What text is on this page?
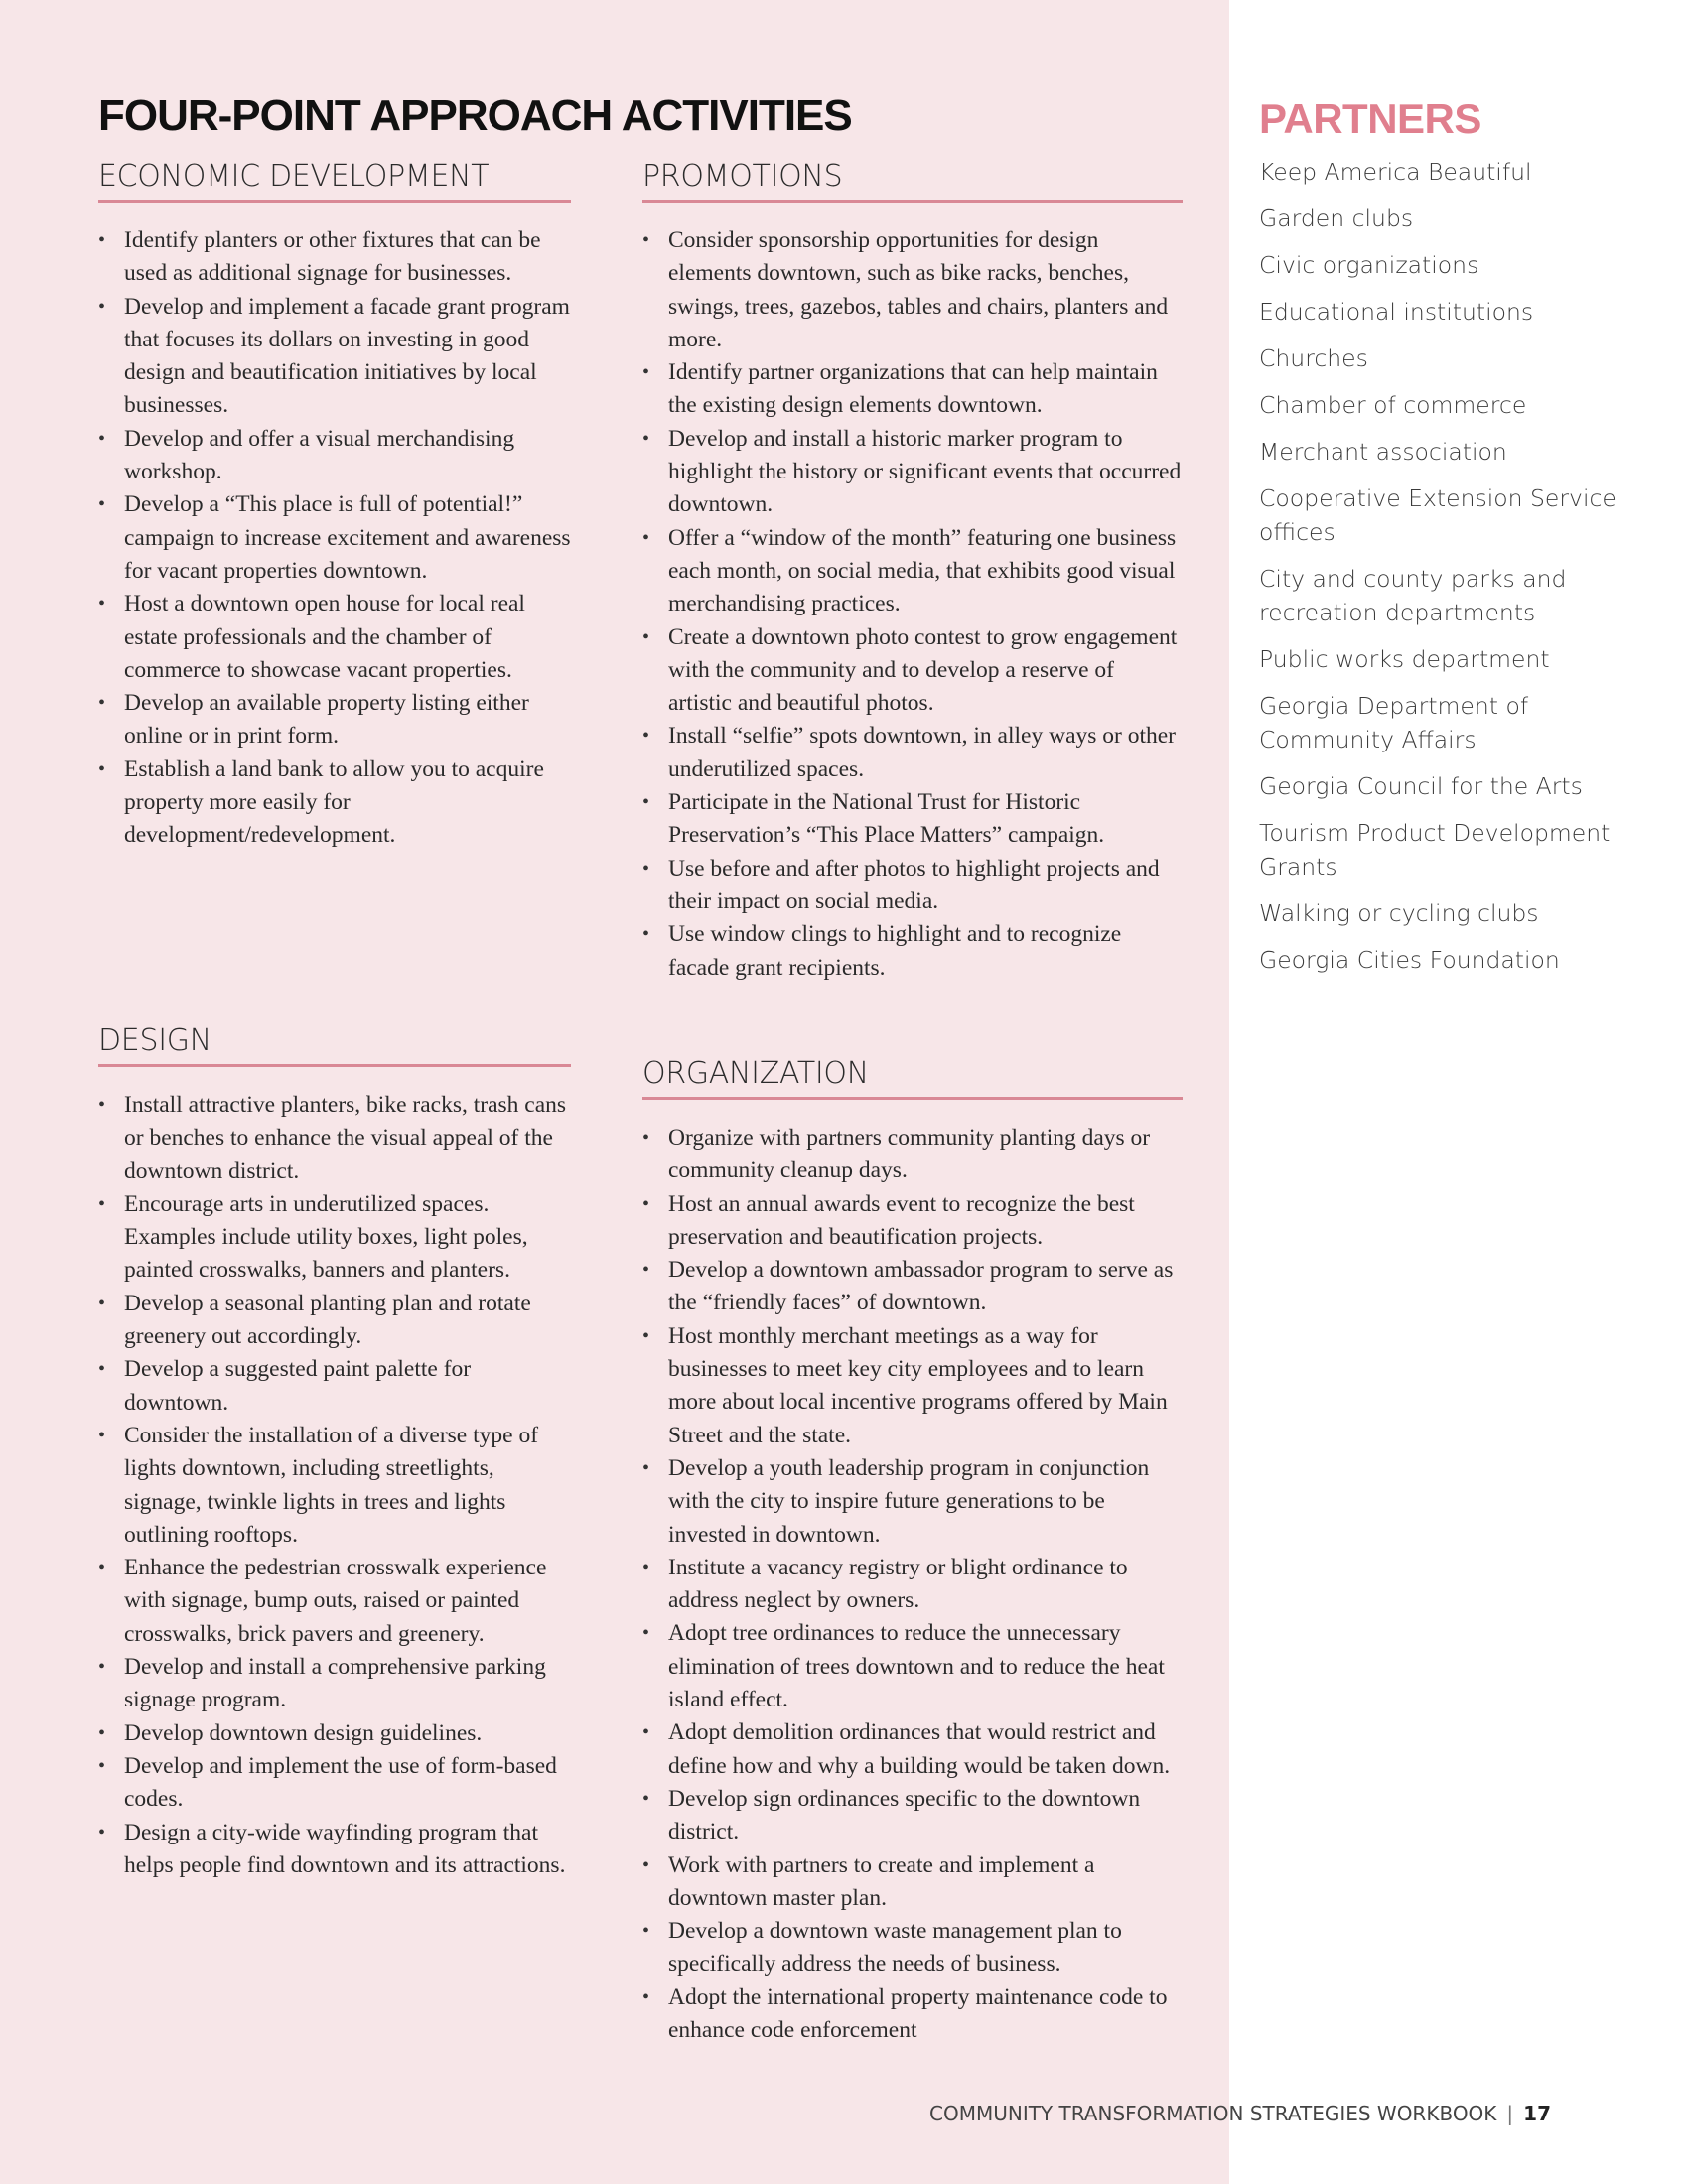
FOUR-POINT APPROACH ACTIVITIES
ECONOMIC DEVELOPMENT
• Identify planters or other fixtures that can be used as additional signage for businesses.
• Develop and implement a facade grant program that focuses its dollars on investing in good design and beautification initiatives by local businesses.
• Develop and offer a visual merchandising workshop.
• Develop a “This place is full of potential!” campaign to increase excitement and awareness for vacant properties downtown.
• Host a downtown open house for local real estate professionals and the chamber of commerce to showcase vacant properties.
• Develop an available property listing either online or in print form.
• Establish a land bank to allow you to acquire property more easily for development/redevelopment.
DESIGN
• Install attractive planters, bike racks, trash cans or benches to enhance the visual appeal of the downtown district.
• Encourage arts in underutilized spaces. Examples include utility boxes, light poles, painted crosswalks, banners and planters.
• Develop a seasonal planting plan and rotate greenery out accordingly.
• Develop a suggested paint palette for downtown.
• Consider the installation of a diverse type of lights downtown, including streetlights, signage, twinkle lights in trees and lights outlining rooftops.
• Enhance the pedestrian crosswalk experience with signage, bump outs, raised or painted crosswalks, brick pavers and greenery.
• Develop and install a comprehensive parking signage program.
• Develop downtown design guidelines.
• Develop and implement the use of form-based codes.
• Design a city-wide wayfinding program that helps people find downtown and its attractions.
PROMOTIONS
• Consider sponsorship opportunities for design elements downtown, such as bike racks, benches, swings, trees, gazebos, tables and chairs, planters and more.
• Identify partner organizations that can help maintain the existing design elements downtown.
• Develop and install a historic marker program to highlight the history or significant events that occurred downtown.
• Offer a “window of the month” featuring one business each month, on social media, that exhibits good visual merchandising practices.
• Create a downtown photo contest to grow engagement with the community and to develop a reserve of artistic and beautiful photos.
• Install “selfie” spots downtown, in alley ways or other underutilized spaces.
• Participate in the National Trust for Historic Preservation’s “This Place Matters” campaign.
• Use before and after photos to highlight projects and their impact on social media.
• Use window clings to highlight and to recognize facade grant recipients.
ORGANIZATION
• Organize with partners community planting days or community cleanup days.
• Host an annual awards event to recognize the best preservation and beautification projects.
• Develop a downtown ambassador program to serve as the “friendly faces” of downtown.
• Host monthly merchant meetings as a way for businesses to meet key city employees and to learn more about local incentive programs offered by Main Street and the state.
• Develop a youth leadership program in conjunction with the city to inspire future generations to be invested in downtown.
• Institute a vacancy registry or blight ordinance to address neglect by owners.
• Adopt tree ordinances to reduce the unnecessary elimination of trees downtown and to reduce the heat island effect.
• Adopt demolition ordinances that would restrict and define how and why a building would be taken down.
• Develop sign ordinances specific to the downtown district.
• Work with partners to create and implement a downtown master plan.
• Develop a downtown waste management plan to specifically address the needs of business.
• Adopt the international property maintenance code to enhance code enforcement
PARTNERS
Keep America Beautiful
Garden clubs
Civic organizations
Educational institutions
Churches
Chamber of commerce
Merchant association
Cooperative Extension Service offices
City and county parks and recreation departments
Public works department
Georgia Department of Community Affairs
Georgia Council for the Arts
Tourism Product Development Grants
Walking or cycling clubs
Georgia Cities Foundation
COMMUNITY TRANSFORMATION STRATEGIES WORKBOOK | 17
